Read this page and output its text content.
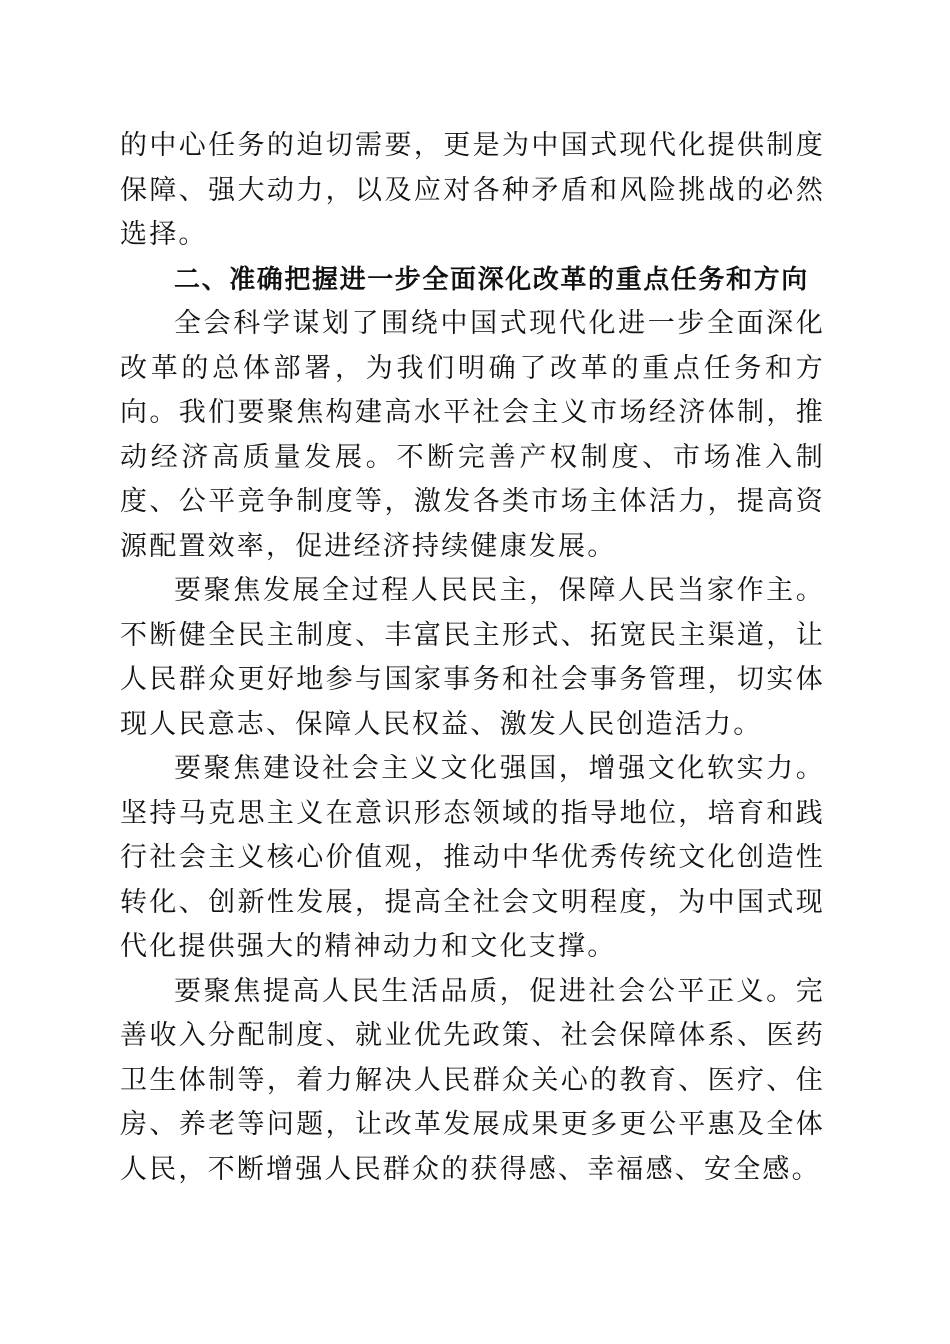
的中心任务的迫切需要，更是为中国式现代化提供制度保障、强大动力，以及应对各种矛盾和风险挑战的必然选择。

二、准确把握进一步全面深化改革的重点任务和方向

全会科学谋划了围绕中国式现代化进一步全面深化改革的总体部署，为我们明确了改革的重点任务和方向。我们要聚焦构建高水平社会主义市场经济体制，推动经济高质量发展。不断完善产权制度、市场准入制度、公平竞争制度等，激发各类市场主体活力，提高资源配置效率，促进经济持续健康发展。

要聚焦发展全过程人民民主，保障人民当家作主。不断健全民主制度、丰富民主形式、拓宽民主渠道，让人民群众更好地参与国家事务和社会事务管理，切实体现人民意志、保障人民权益、激发人民创造活力。

要聚焦建设社会主义文化强国，增强文化软实力。坚持马克思主义在意识形态领域的指导地位，培育和践行社会主义核心价值观，推动中华优秀传统文化创造性转化、创新性发展，提高全社会文明程度，为中国式现代化提供强大的精神动力和文化支撑。

要聚焦提高人民生活品质，促进社会公平正义。完善收入分配制度、就业优先政策、社会保障体系、医药卫生体制等，着力解决人民群众关心的教育、医疗、住房、养老等问题，让改革发展成果更多更公平惠及全体人民，不断增强人民群众的获得感、幸福感、安全感。
